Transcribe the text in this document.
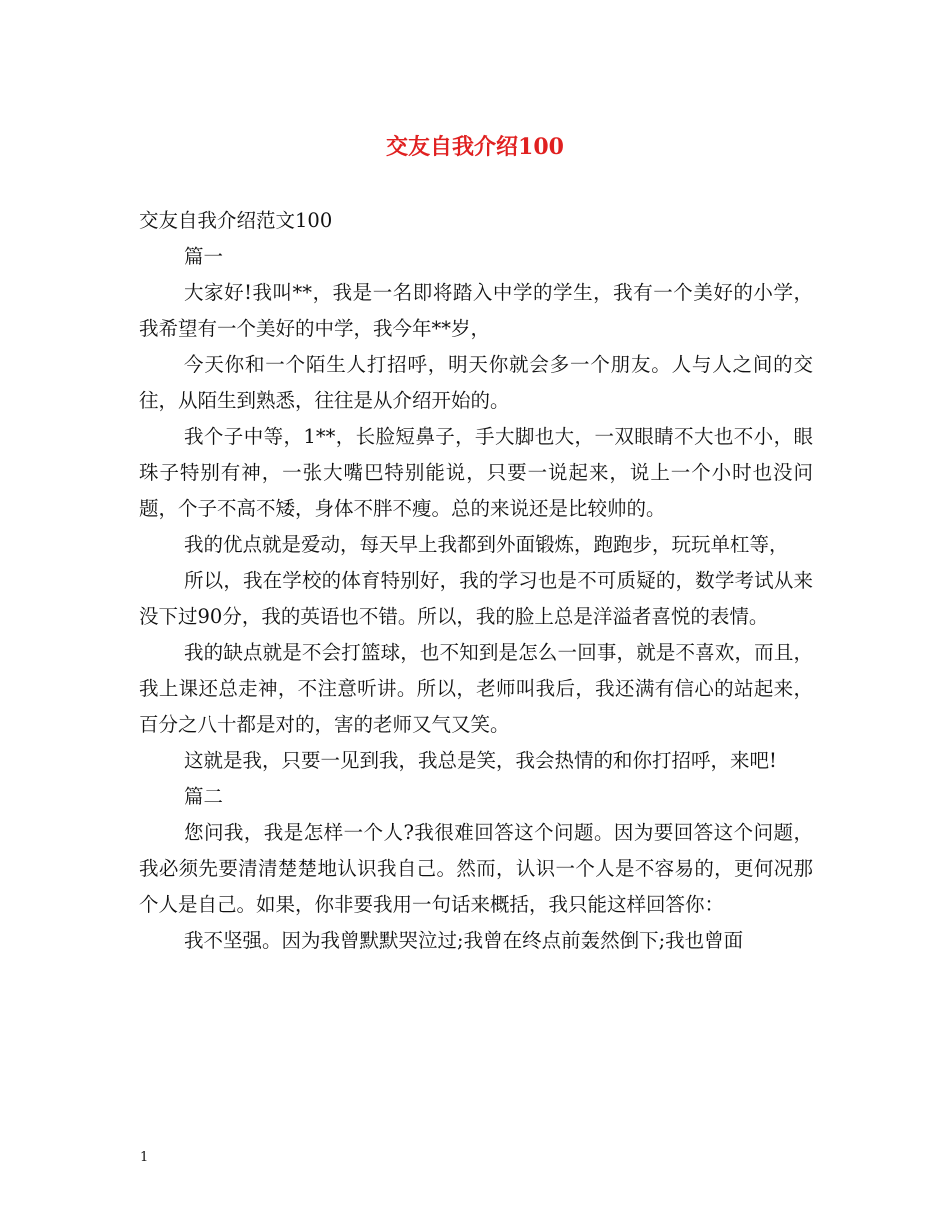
交友自我介绍100

交友自我介绍范文100

篇一

大家好!我叫**，我是一名即将踏入中学的学生，我有一个美好的小学，我希望有一个美好的中学，我今年**岁，

今天你和一个陌生人打招呼，明天你就会多一个朋友。人与人之间的交往，从陌生到熟悉，往往是从介绍开始的。

我个子中等，1**，长脸短鼻子，手大脚也大，一双眼睛不大也不小，眼珠子特别有神，一张大嘴巴特别能说，只要一说起来，说上一个小时也没问题，个子不高不矮，身体不胖不瘦。总的来说还是比较帅的。

我的优点就是爱动，每天早上我都到外面锻炼，跑跑步，玩玩单杠等，

所以，我在学校的体育特别好，我的学习也是不可质疑的，数学考试从来没下过90分，我的英语也不错。所以，我的脸上总是洋溢者喜悦的表情。

我的缺点就是不会打篮球，也不知到是怎么一回事，就是不喜欢，而且，我上课还总走神，不注意听讲。所以，老师叫我后，我还满有信心的站起来，百分之八十都是对的，害的老师又气又笑。

这就是我，只要一见到我，我总是笑，我会热情的和你打招呼，来吧!

篇二

您问我，我是怎样一个人?我很难回答这个问题。因为要回答这个问题，我必须先要清清楚楚地认识我自己。然而，认识一个人是不容易的，更何况那个人是自己。如果，你非要我用一句话来概括，我只能这样回答你：

我不坚强。因为我曾默默哭泣过;我曾在终点前轰然倒下;我也曾面

1
